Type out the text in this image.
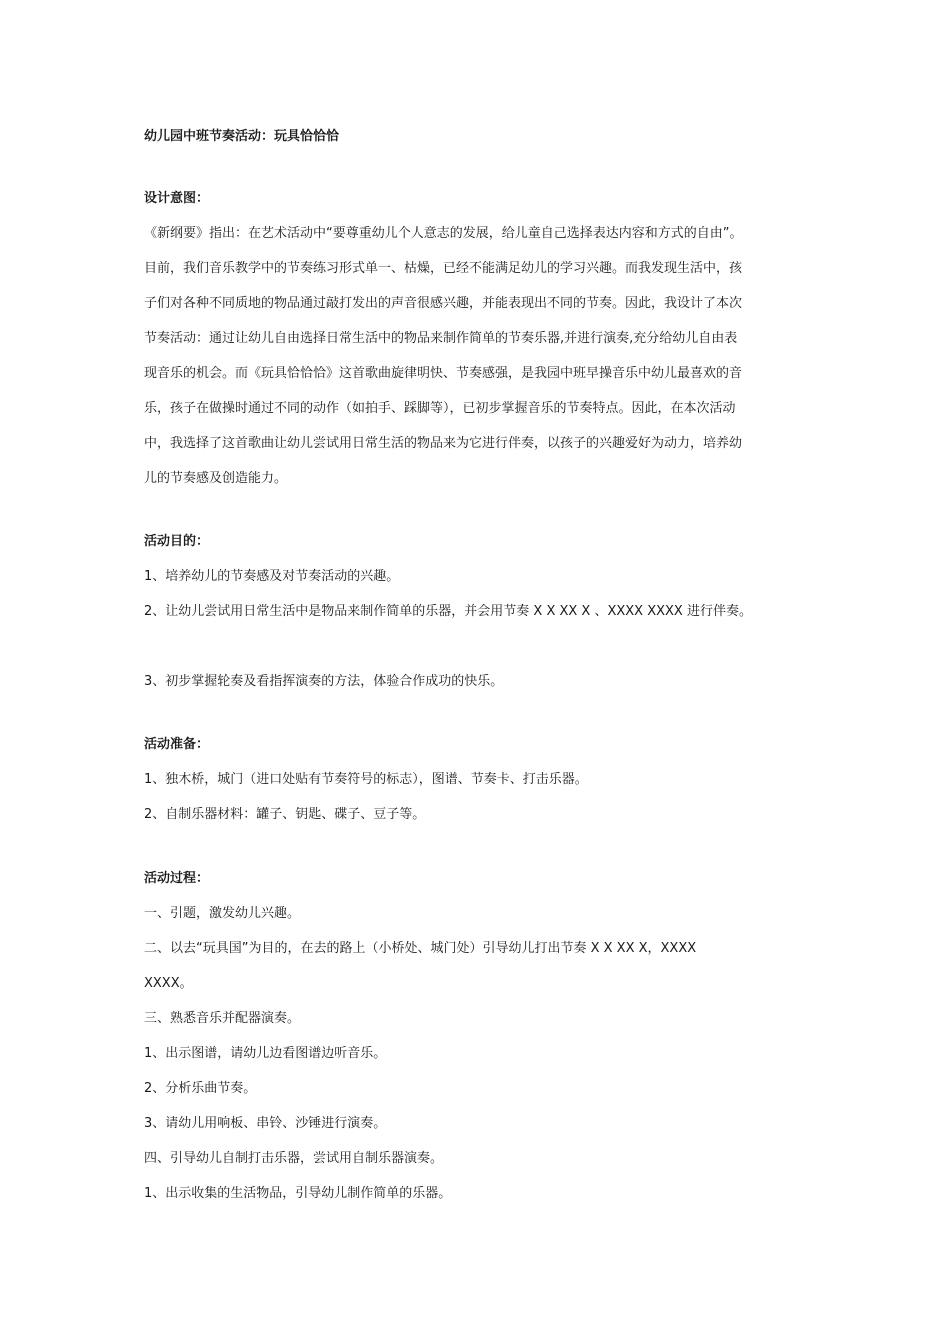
幼儿园中班节奏活动：玩具恰恰恰
设计意图：
《新纲要》指出：在艺术活动中“要尊重幼儿个人意志的发展，给儿童自己选择表达内容和方式的自由”。
目前，我们音乐教学中的节奏练习形式单一、枯燥，已经不能满足幼儿的学习兴趣。而我发现生活中，孩
子们对各种不同质地的物品通过敲打发出的声音很感兴趣，并能表现出不同的节奏。因此，我设计了本次
节奏活动：通过让幼儿自由选择日常生活中的物品来制作简单的节奏乐器,并进行演奏,充分给幼儿自由表
现音乐的机会。而《玩具恰恰恰》这首歌曲旋律明快、节奏感强，是我园中班早操音乐中幼儿最喜欢的音
乐，孩子在做操时通过不同的动作（如拍手、踩脚等），已初步掌握音乐的节奏特点。因此，在本次活动
中，我选择了这首歌曲让幼儿尝试用日常生活的物品来为它进行伴奏，以孩子的兴趣爱好为动力，培养幼
儿的节奏感及创造能力。
活动目的：
1、培养幼儿的节奏感及对节奏活动的兴趣。
2、让幼儿尝试用日常生活中是物品来制作简单的乐器，并会用节奏 X X XX X 、XXXX XXXX 进行伴奏。
3、初步掌握轮奏及看指挥演奏的方法，体验合作成功的快乐。
活动准备：
1、独木桥，城门（进口处贴有节奏符号的标志），图谱、节奏卡、打击乐器。
2、自制乐器材料：罐子、钥匙、碟子、豆子等。
活动过程：
一、引题，激发幼儿兴趣。
二、以去“玩具国”为目的，在去的路上（小桥处、城门处）引导幼儿打出节奏 X X XX X，XXXX
XXXX。
三、熟悉音乐并配器演奏。
1、出示图谱，请幼儿边看图谱边听音乐。
2、分析乐曲节奏。
3、请幼儿用响板、串铃、沙锤进行演奏。
四、引导幼儿自制打击乐器，尝试用自制乐器演奏。
1、出示收集的生活物品，引导幼儿制作简单的乐器。
